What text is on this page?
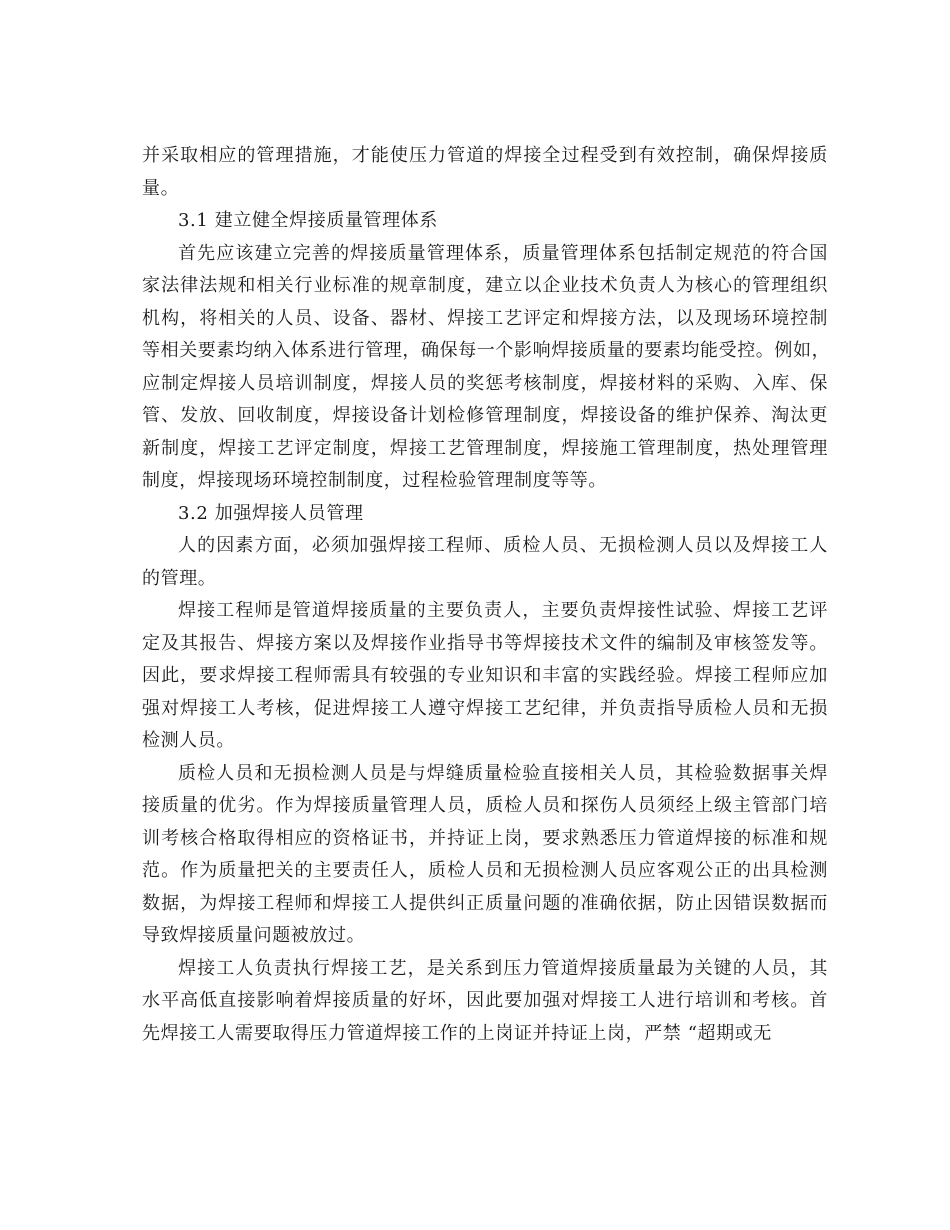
并采取相应的管理措施，才能使压力管道的焊接全过程受到有效控制，确保焊接质
量。
3.1 建立健全焊接质量管理体系
首先应该建立完善的焊接质量管理体系，质量管理体系包括制定规范的符合国
家法律法规和相关行业标准的规章制度，建立以企业技术负责人为核心的管理组织
机构，将相关的人员、设备、器材、焊接工艺评定和焊接方法，以及现场环境控制
等相关要素均纳入体系进行管理，确保每一个影响焊接质量的要素均能受控。例如，
应制定焊接人员培训制度，焊接人员的奖惩考核制度，焊接材料的采购、入库、保
管、发放、回收制度，焊接设备计划检修管理制度，焊接设备的维护保养、淘汰更
新制度，焊接工艺评定制度，焊接工艺管理制度，焊接施工管理制度，热处理管理
制度，焊接现场环境控制制度，过程检验管理制度等等。
3.2 加强焊接人员管理
人的因素方面，必须加强焊接工程师、质检人员、无损检测人员以及焊接工人
的管理。
焊接工程师是管道焊接质量的主要负责人，主要负责焊接性试验、焊接工艺评
定及其报告、焊接方案以及焊接作业指导书等焊接技术文件的编制及审核签发等。
因此，要求焊接工程师需具有较强的专业知识和丰富的实践经验。焊接工程师应加
强对焊接工人考核，促进焊接工人遵守焊接工艺纪律，并负责指导质检人员和无损
检测人员。
质检人员和无损检测人员是与焊缝质量检验直接相关人员，其检验数据事关焊
接质量的优劣。作为焊接质量管理人员，质检人员和探伤人员须经上级主管部门培
训考核合格取得相应的资格证书，并持证上岗，要求熟悉压力管道焊接的标准和规
范。作为质量把关的主要责任人，质检人员和无损检测人员应客观公正的出具检测
数据，为焊接工程师和焊接工人提供纠正质量问题的准确依据，防止因错误数据而
导致焊接质量问题被放过。
焊接工人负责执行焊接工艺，是关系到压力管道焊接质量最为关键的人员，其
水平高低直接影响着焊接质量的好坏，因此要加强对焊接工人进行培训和考核。首
先焊接工人需要取得压力管道焊接工作的上岗证并持证上岗，严禁 “超期或无
